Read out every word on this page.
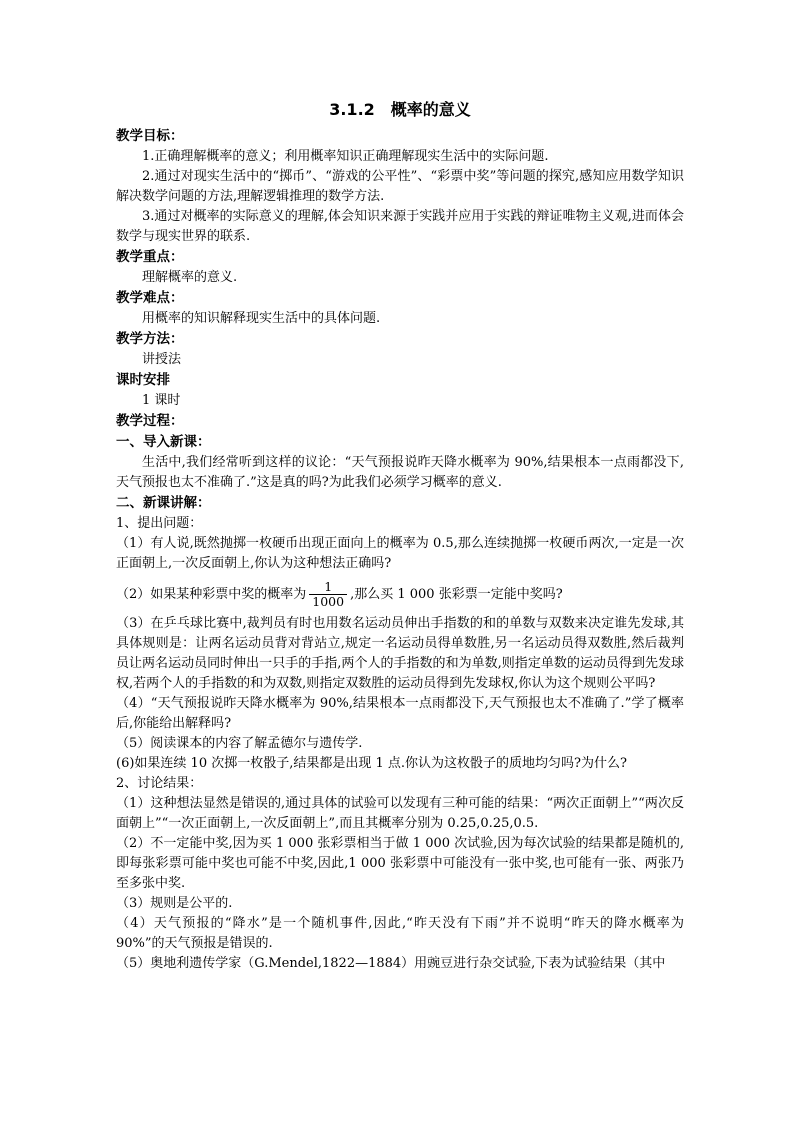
3.1.2　概率的意义
教学目标：

1.正确理解概率的意义；利用概率知识正确理解现实生活中的实际问题.

2.通过对现实生活中的“掷币”、“游戏的公平性”、“彩票中奖”等问题的探究,感知应用数学知识解决数学问题的方法,理解逻辑推理的数学方法.

3.通过对概率的实际意义的理解,体会知识来源于实践并应用于实践的辩证唯物主义观,进而体会数学与现实世界的联系.

教学重点：

理解概率的意义.

教学难点：

用概率的知识解释现实生活中的具体问题.

教学方法：

讲授法

课时安排

1 课时

教学过程：
一、导入新课：

生活中,我们经常听到这样的议论：“天气预报说昨天降水概率为 90%,结果根本一点雨都没下,天气预报也太不准确了.”这是真的吗?为此我们必须学习概率的意义.

二、新课讲解：

1、提出问题：

（1）有人说,既然抛掷一枚硬币出现正面向上的概率为 0.5,那么连续抛掷一枚硬币两次,一定是一次正面朝上,一次反面朝上,你认为这种想法正确吗?

（2）如果某种彩票中奖的概率为 $\frac{1}{1000}$ ,那么买 1 000 张彩票一定能中奖吗?

（3）在乒乓球比赛中,裁判员有时也用数名运动员伸出手指数的和的单数与双数来决定谁先发球,其具体规则是：让两名运动员背对背站立,规定一名运动员得单数胜,另一名运动员得双数胜,然后裁判员让两名运动员同时伸出一只手的手指,两个人的手指数的和为单数,则指定单数的运动员得到先发球权,若两个人的手指数的和为双数,则指定双数胜的运动员得到先发球权,你认为这个规则公平吗?

（4）“天气预报说昨天降水概率为 90%,结果根本一点雨都没下,天气预报也太不准确了.”学了概率后,你能给出解释吗?

（5）阅读课本的内容了解孟德尔与遗传学.

(6)如果连续 10 次掷一枚骰子,结果都是出现 1 点.你认为这枚骰子的质地均匀吗?为什么?

2、讨论结果：

（1）这种想法显然是错误的,通过具体的试验可以发现有三种可能的结果：“两次正面朝上”“两次反面朝上”“一次正面朝上,一次反面朝上”,而且其概率分别为 0.25,0.25,0.5.

（2）不一定能中奖,因为买 1 000 张彩票相当于做 1 000 次试验,因为每次试验的结果都是随机的,即每张彩票可能中奖也可能不中奖,因此,1 000 张彩票中可能没有一张中奖,也可能有一张、两张乃至多张中奖.

（3）规则是公平的.

（4）天气预报的“降水”是一个随机事件,因此,“昨天没有下雨”并不说明“昨天的降水概率为 90%”的天气预报是错误的.

（5）奥地利遗传学家（G.Mendel,1822—1884）用豌豆进行杂交试验,下表为试验结果（其中
